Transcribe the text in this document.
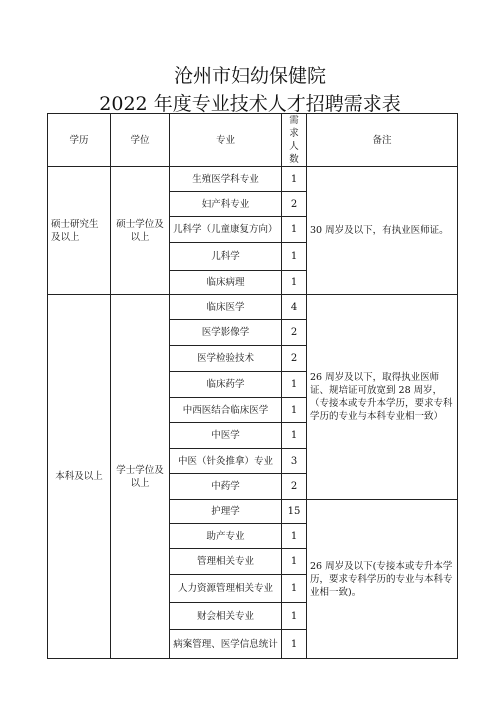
沧州市妇幼保健院
2022 年度专业技术人才招聘需求表
学历	学位	专业	需求人数	备注
硕士研究生及以上	硕士学位及以上	生殖医学科专业	1	30 周岁及以下，有执业医师证。
		妇产科专业	2	
		儿科学（儿童康复方向）	1	
		儿科学	1	
		临床病理	1	
本科及以上	学士学位及以上	临床医学	4	26 周岁及以下，取得执业医师证、规培证可放宽到 28 周岁，（专接本或专升本学历，要求专科学历的专业与本科专业相一致）
		医学影像学	2	
		医学检验技术	2	
		临床药学	1	
		中西医结合临床医学	1	
		中医学	1	
		中医（针灸推拿）专业	3	
		中药学	2	
		护理学	15	26 周岁及以下(专接本或专升本学历，要求专科学历的专业与本科专业相一致)。
		助产专业	1	
		管理相关专业	1	
		人力资源管理相关专业	1	
		财会相关专业	1	
		病案管理、医学信息统计	1	
